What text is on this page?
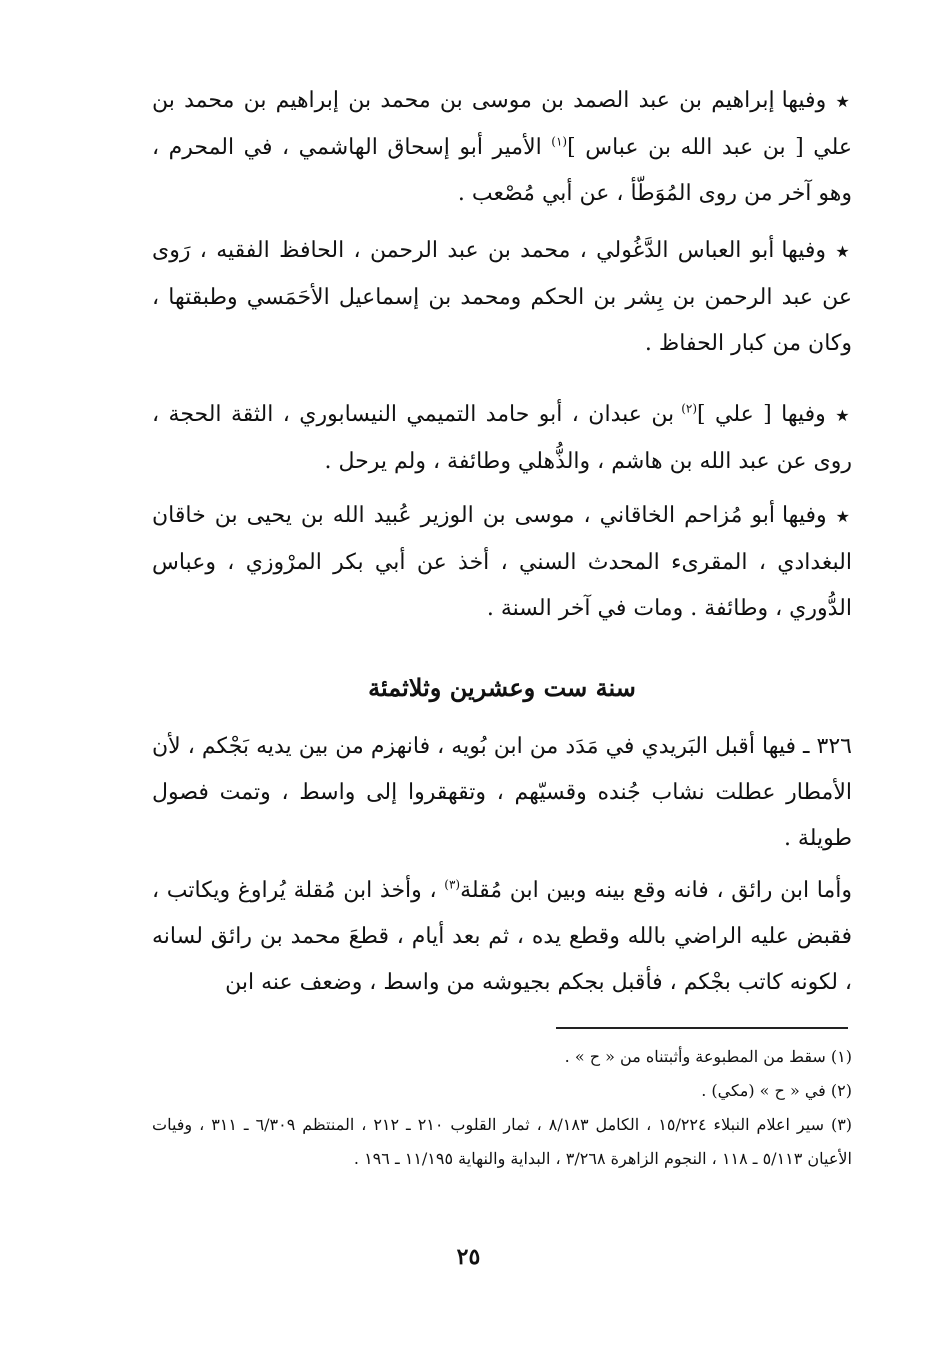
★ وفيها إبراهيم بن عبد الصمد بن موسى بن محمد بن إبراهيم بن محمد بن علي [ بن عبد الله بن عباس ]$^{(١)}$ الأمير أبو إسحاق الهاشمي ، في المحرم ، وهو آخر من روى المُوَطّأ ، عن أبي مُصْعب .

★ وفيها أبو العباس الدَّغُولي ، محمد بن عبد الرحمن ، الحافظ الفقيه ، رَوى عن عبد الرحمن بن بِشر بن الحكم ومحمد بن إسماعيل الأحَمَسي وطبقتها ، وكان من كبار الحفاظ .

★ وفيها [ علي ]$^{(٢)}$ بن عبدان ، أبو حامد التميمي النيسابوري ، الثقة الحجة ، روى عن عبد الله بن هاشم ، والذُّهلي وطائفة ، ولم يرحل .

★ وفيها أبو مُزاحم الخاقاني ، موسى بن الوزير عُبيد الله بن يحيى بن خاقان البغدادي ، المقرىء المحدث السني ، أخذ عن أبي بكر المرْوزي ، وعباس الدُّوري ، وطائفة . ومات في آخر السنة .

سنة ست وعشرين وثلاثمئة

٣٢٦ ـ فيها أقبل البَريدي في مَدَد من ابن بُويه ، فانهزم من بين يديه بَجْكم ، لأن الأمطار عطلت نشاب جُنده وقسيّهم ، وتقهقروا إلى واسط ، وتمت فصول طويلة .

وأما ابن رائق ، فانه وقع بينه وبين ابن مُقلة$^{(٣)}$ ، وأخذ ابن مُقلة يُراوغ ويكاتب ، فقبض عليه الراضي بالله وقطع يده ، ثم بعد أيام ، قطعَ محمد بن رائق لسانه ، لكونه كاتب بجْكم ، فأقبل بجكم بجيوشه من واسط ، وضعف عنه ابن

(١) سقط من المطبوعة وأثبتناه من « ح » .

(٢) في « ح » (مكي) .

(٣) سير اعلام النبلاء ١٥/٢٢٤ ، الكامل ٨/١٨٣ ، ثمار القلوب ٢١٠ ـ ٢١٢ ، المنتظم ٦/٣٠٩ ـ ٣١١ ، وفيات الأعيان ٥/١١٣ ـ ١١٨ ، النجوم الزاهرة ٣/٢٦٨ ، البداية والنهاية ١١/١٩٥ ـ ١٩٦ .

٢٥
